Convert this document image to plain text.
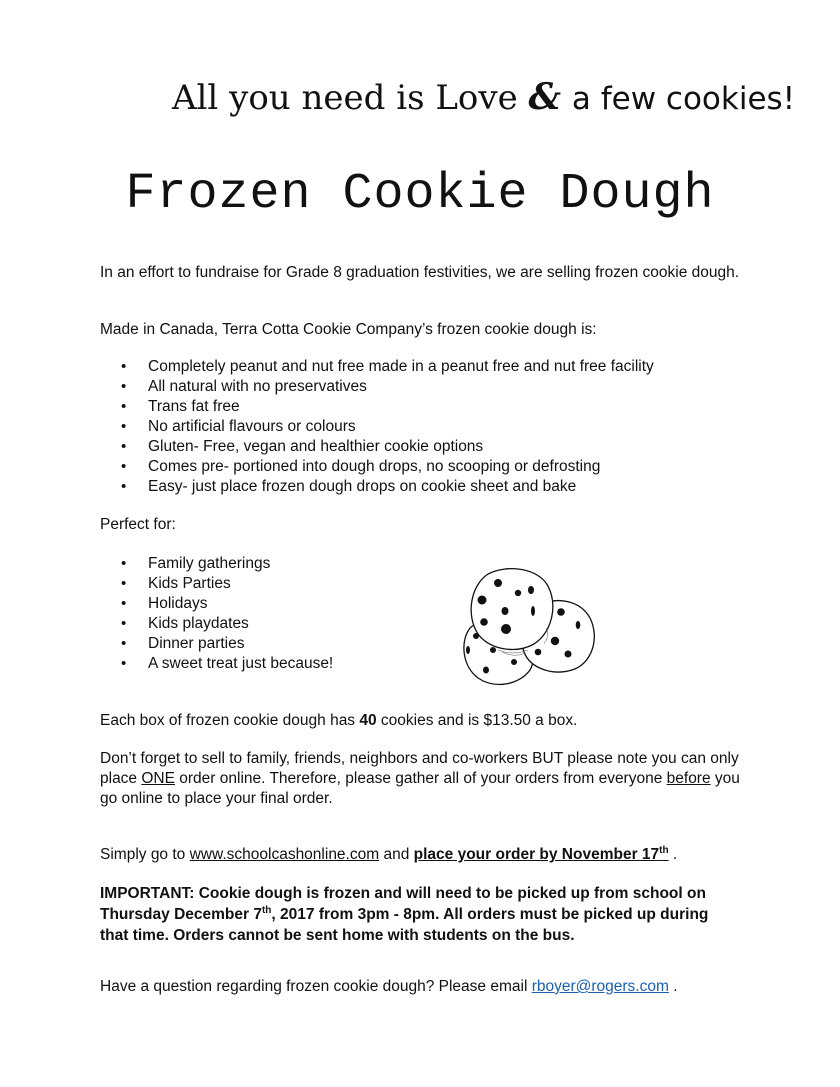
All you need is Love & a few cookies!
Frozen Cookie Dough
In an effort to fundraise for Grade 8 graduation festivities, we are selling frozen cookie dough.
Made in Canada, Terra Cotta Cookie Company’s frozen cookie dough is:
• Completely peanut and nut free made in a peanut free and nut free facility
• All natural with no preservatives
• Trans fat free
• No artificial flavours or colours
• Gluten- Free, vegan and healthier cookie options
• Comes pre- portioned into dough drops, no scooping or defrosting
• Easy- just place frozen dough drops on cookie sheet and bake
Perfect for:
• Family gatherings
• Kids Parties
• Holidays
• Kids playdates
• Dinner parties
• A sweet treat just because!
Each box of frozen cookie dough has 40 cookies and is $13.50 a box.
Don’t forget to sell to family, friends, neighbors and co-workers BUT please note you can only place ONE order online. Therefore, please gather all of your orders from everyone before you go online to place your final order.
Simply go to www.schoolcashonline.com and place your order by November 17th .
IMPORTANT: Cookie dough is frozen and will need to be picked up from school on Thursday December 7th, 2017 from 3pm - 8pm. All orders must be picked up during that time. Orders cannot be sent home with students on the bus.
Have a question regarding frozen cookie dough? Please email rboyer@rogers.com .
